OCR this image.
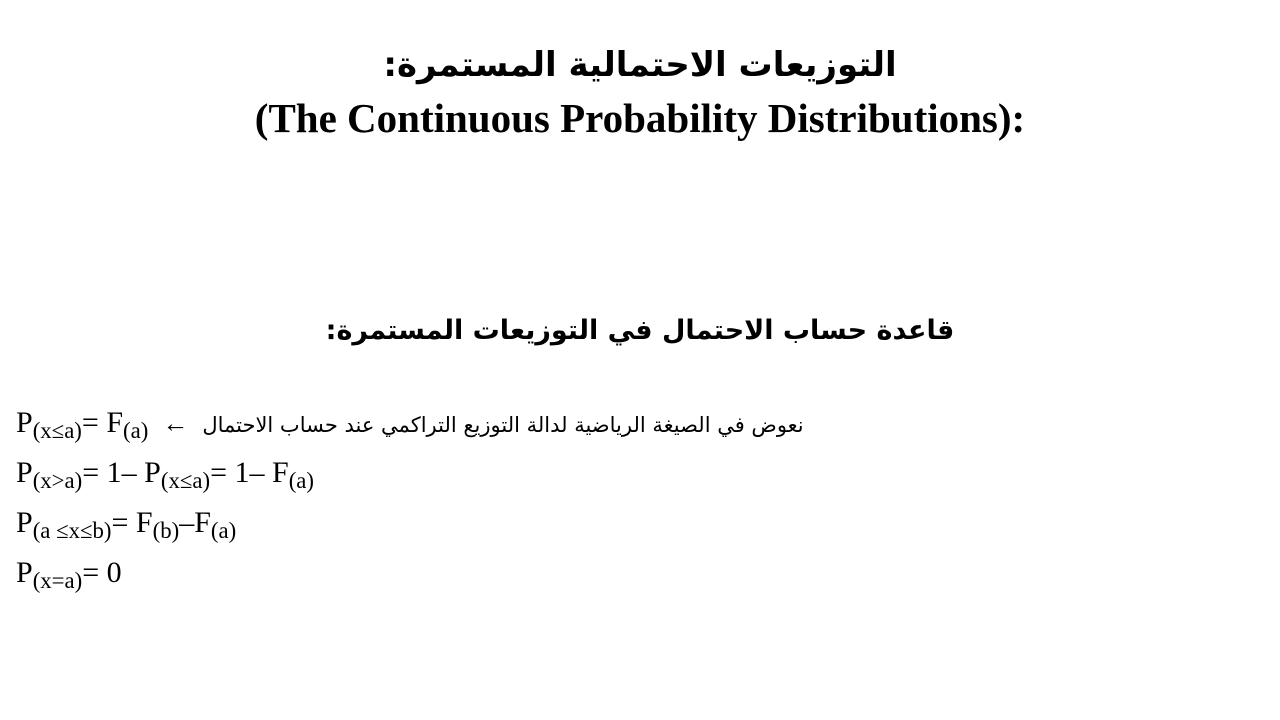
التوزيعات الاحتمالية المستمرة:
:(The Continuous Probability Distributions)
قاعدة حساب الاحتمال في التوزيعات المستمرة:
$P_{(x\le a)}= F_{(a)}$ ← نعوض في الصيغة الرياضية لدالة التوزيع التراكمي عند حساب الاحتمال
$P_{(x>a)}= 1-$ $P_{(x\le a)}= 1-$ $F_{(a)}$
$P_{(a \le x\le b)}= F_{(b)}-F_{(a)}$
$P_{(x=a)}= 0$
